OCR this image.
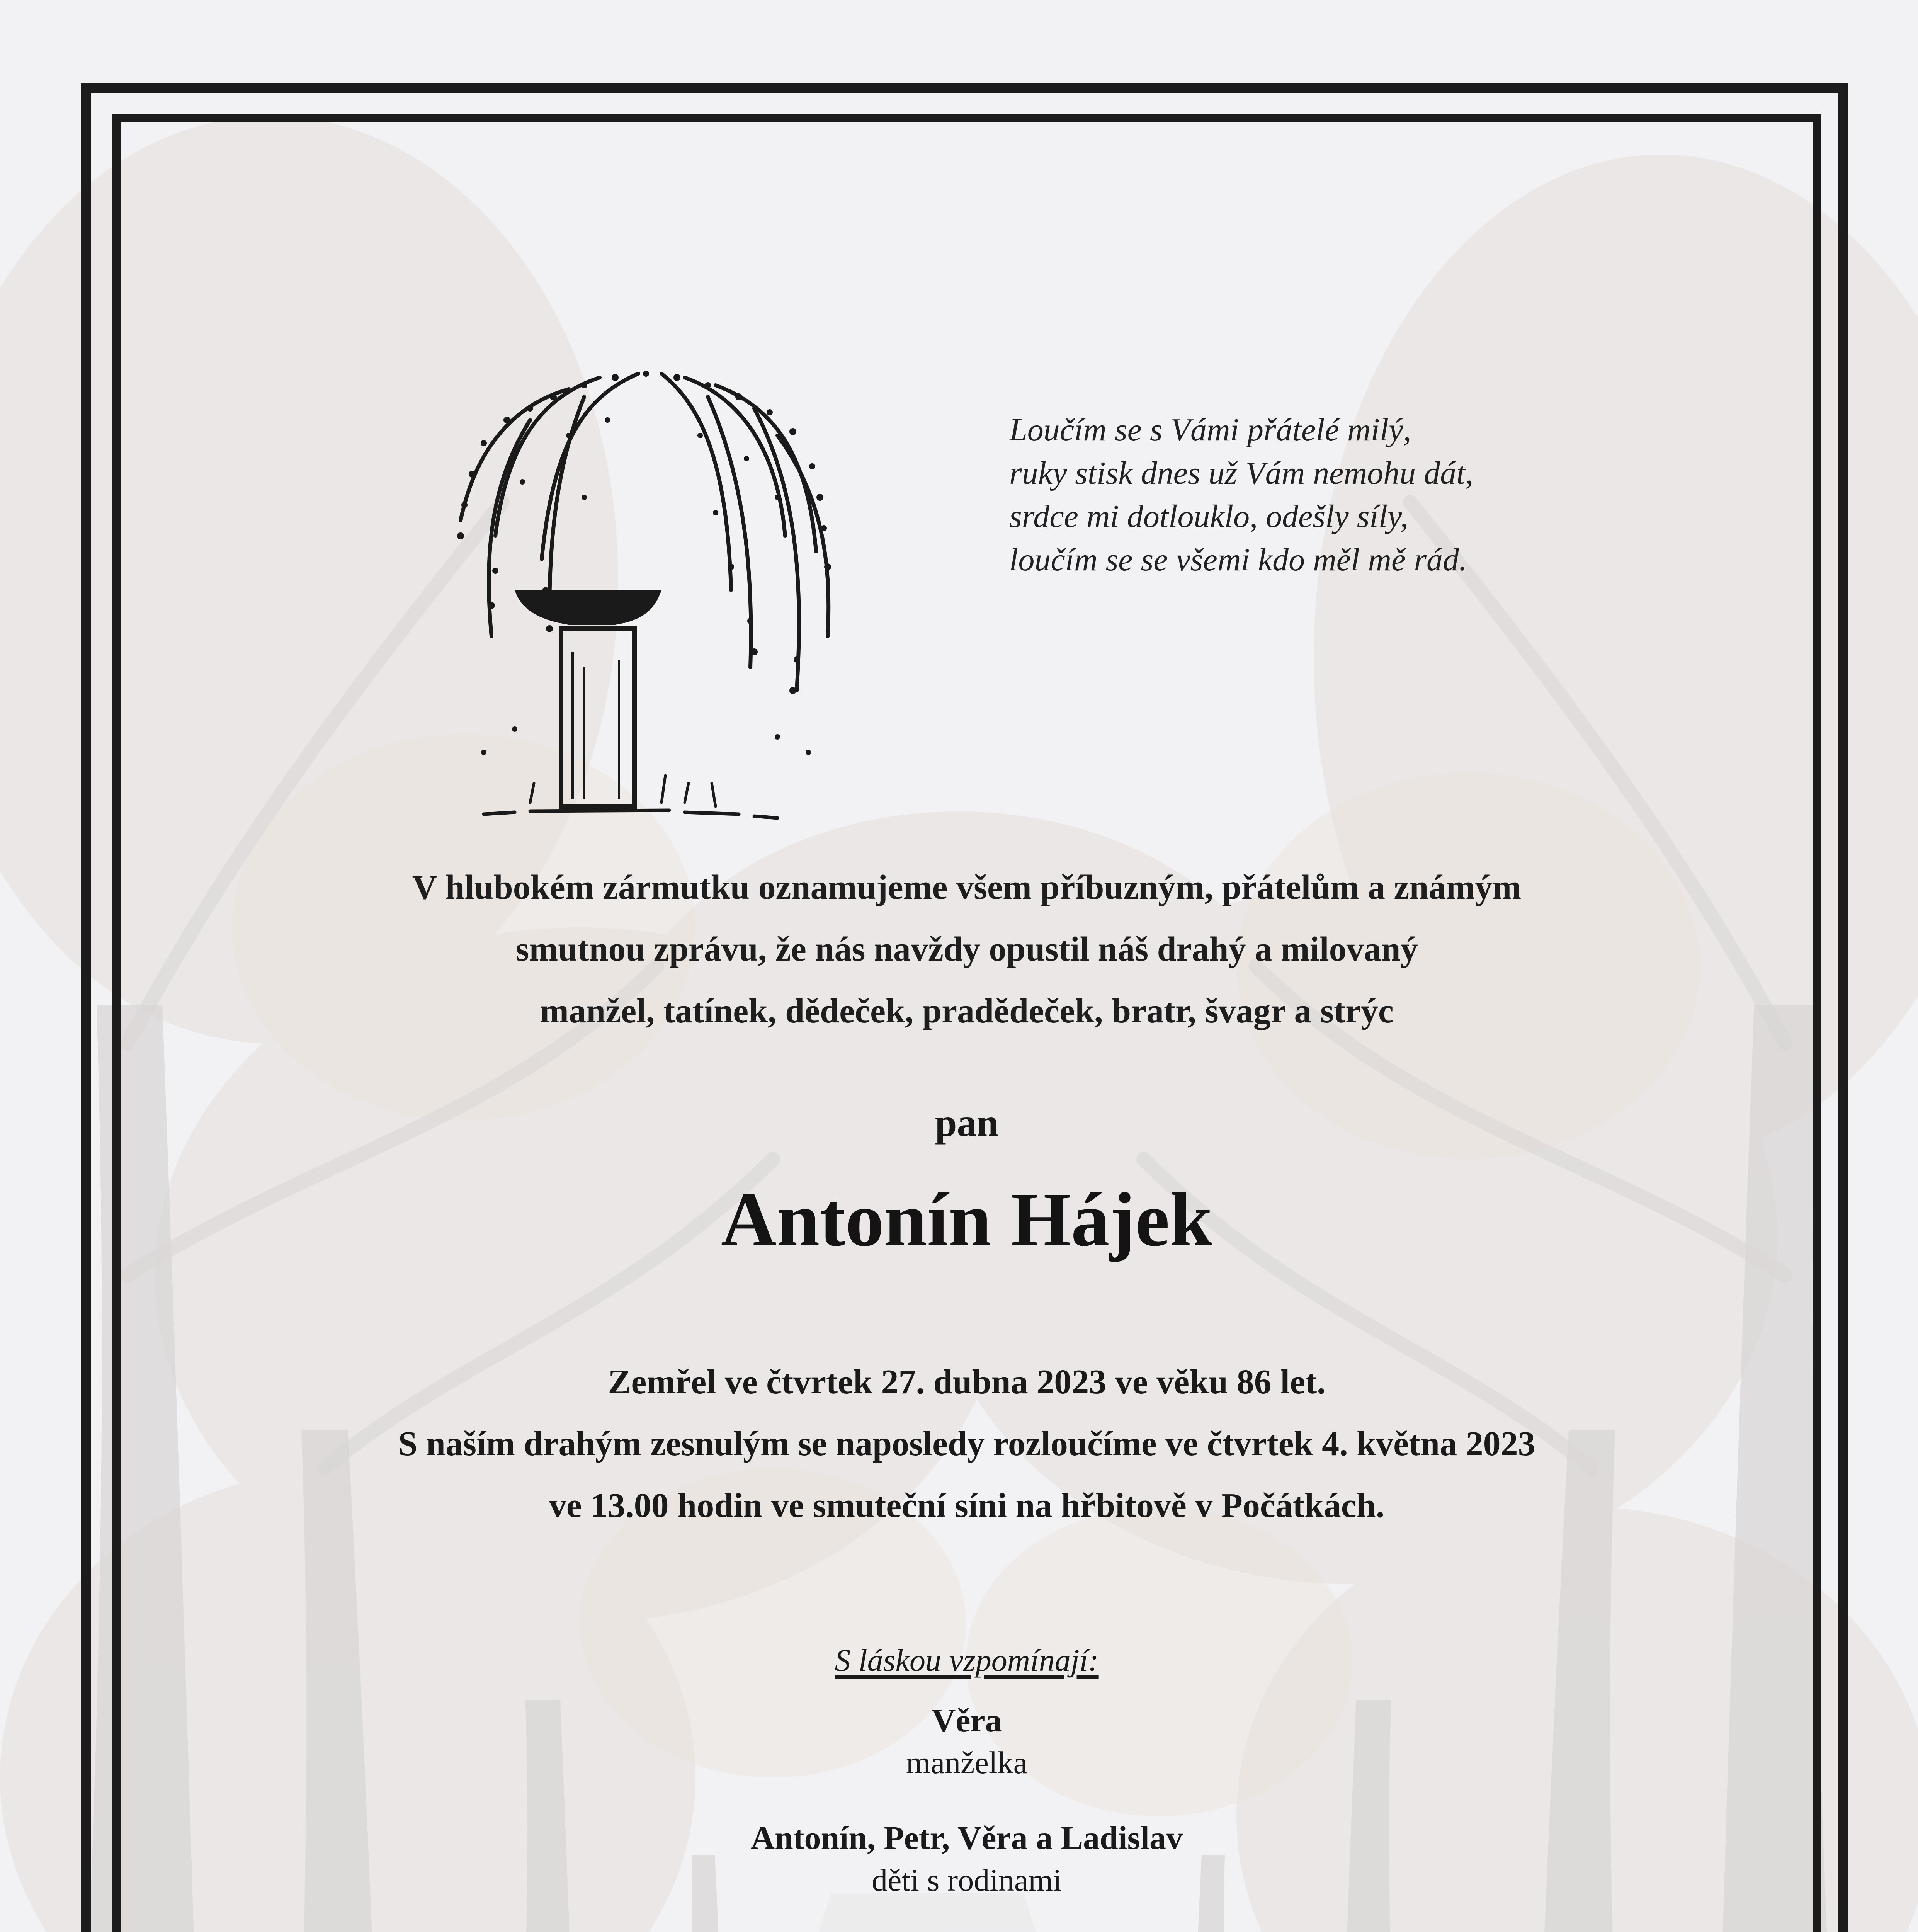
Loučím se s Vámi přátelé milý,
ruky stisk dnes už Vám nemohu dát,
srdce mi dotlouklo, odešly síly,
loučím se se všemi kdo měl mě rád.
V hlubokém zármutku oznamujeme všem příbuzným, přátelům a známým
smutnou zprávu, že nás navždy opustil náš drahý a milovaný
manžel, tatínek, dědeček, pradědeček, bratr, švagr a strýc
pan
Antonín Hájek
Zemřel ve čtvrtek 27. dubna 2023 ve věku 86 let.
S naším drahým zesnulým se naposledy rozloučíme ve čtvrtek 4. května 2023
ve 13.00 hodin ve smuteční síni na hřbitově v Počátkách.
S láskou vzpomínají:
Věra
manželka
Antonín, Petr, Věra a Ladislav
děti s rodinami
